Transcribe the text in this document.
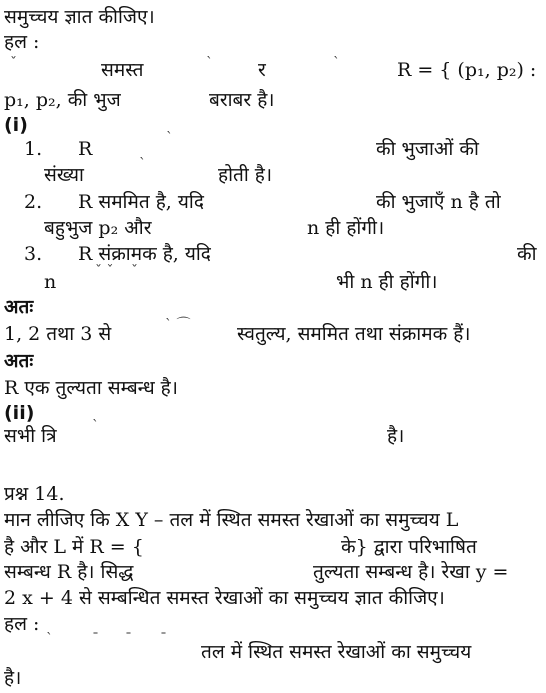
समुच्चय ज्ञात कीजिए।
हल :
ˇ	समस्त	ˋ र	ˋ	R = { (p₁, p₂) :
p₁, p₂, की भुज	बराबर है।
(i)
1. R	ˋ	की भुजाओं की
संख्या	ˋ	होती है।
2. R सममित है, यदि	की भुजाएँ n है तो
बहुभुज p₂ और	n ही होंगी।
3. R संक्रामक है, यदि	की
ˇ ˇ ˇ
n	भी n ही होंगी।
अतः
1, 2 तथा 3 से	ˋ ⌒ स्वतुल्य, सममित तथा संक्रामक हैं।
अतः
R एक तुल्यता सम्बन्ध है।
(ii)
सभी त्रि	ˋ	है।
प्रश्न 14.
मान लीजिए कि X Y – तल में स्थित समस्त रेखाओं का समुच्चय L
है और L में R = {	के} द्वारा परिभाषित
सम्बन्ध R है। सिद्ध	तुल्यता सम्बन्ध है। रेखा y =
2 x + 4 से सम्बन्धित समस्त रेखाओं का समुच्चय ज्ञात कीजिए।
हल :
ˋ	ˉ ˉ ˉ
तल में स्थित समस्त रेखाओं का समुच्चय
है।
